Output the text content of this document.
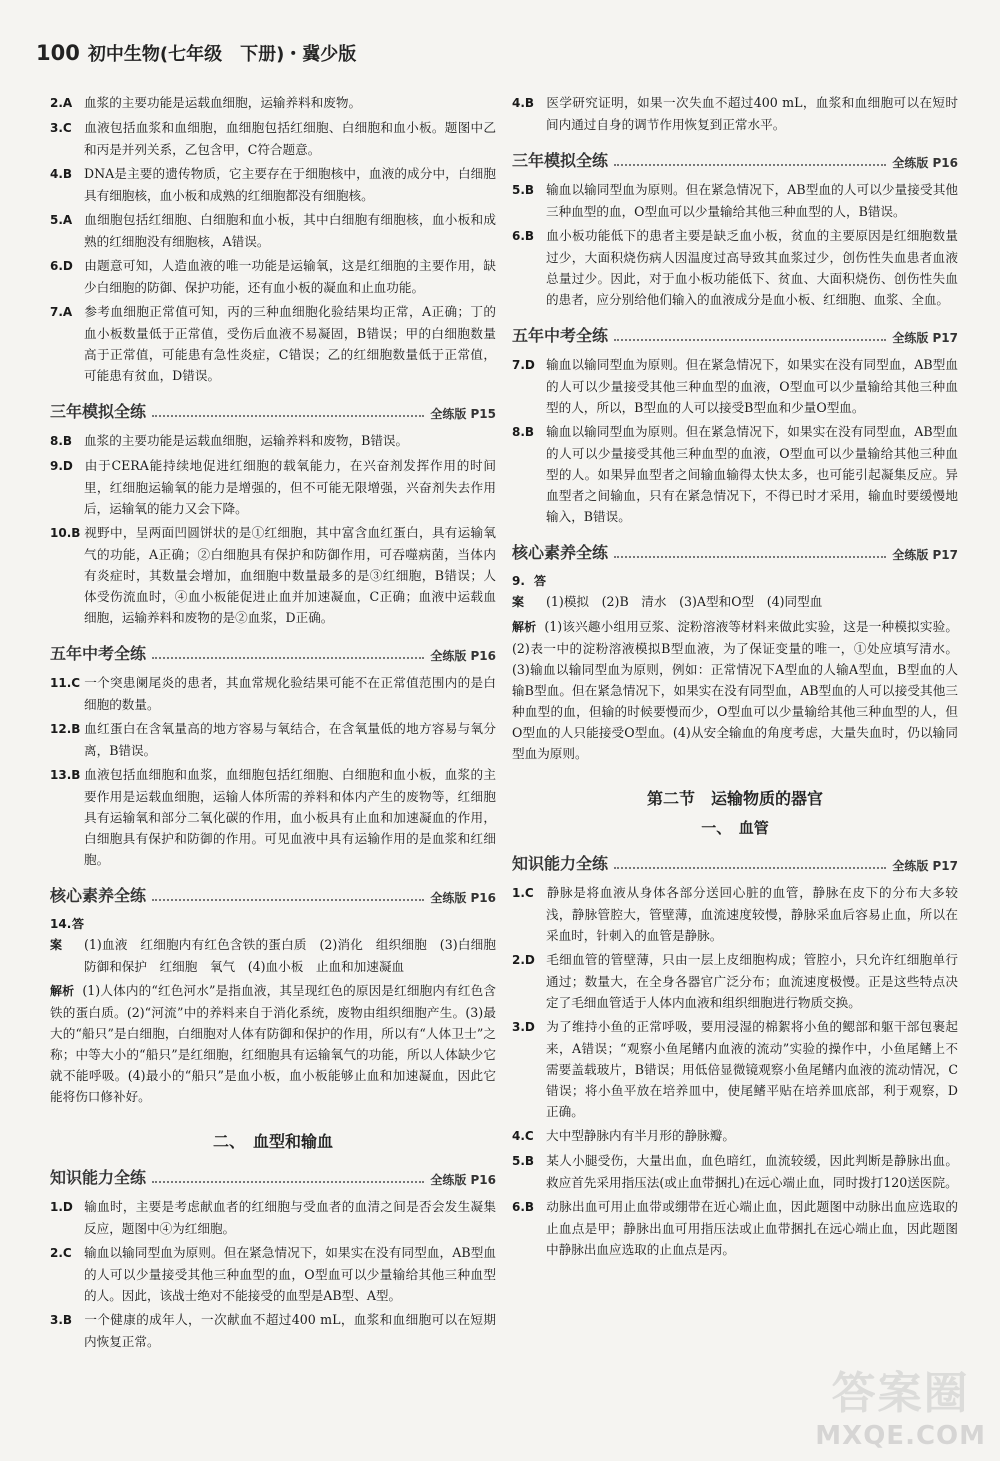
100 初中生物(七年级　下册)・冀少版

2.A 血浆的主要功能是运载血细胞，运输养料和废物。

3.C 血液包括血浆和血细胞，血细胞包括红细胞、白细胞和血小板。题图中乙和丙是并列关系，乙包含甲，C符合题意。

4.B DNA是主要的遗传物质，它主要存在于细胞核中，血液的成分中，白细胞具有细胞核，血小板和成熟的红细胞都没有细胞核。

5.A 血细胞包括红细胞、白细胞和血小板，其中白细胞有细胞核，血小板和成熟的红细胞没有细胞核，A错误。

6.D 由题意可知，人造血液的唯一功能是运输氧，这是红细胞的主要作用，缺少白细胞的防御、保护功能，还有血小板的凝血和止血功能。

7.A 参考血细胞正常值可知，丙的三种血细胞化验结果均正常，A正确；丁的血小板数量低于正常值，受伤后血液不易凝固，B错误；甲的白细胞数量高于正常值，可能患有急性炎症，C错误；乙的红细胞数量低于正常值，可能患有贫血，D错误。

三年模拟全练	全练版 P15

8.B 血浆的主要功能是运载血细胞，运输养料和废物，B错误。

9.D 由于CERA能持续地促进红细胞的载氧能力，在兴奋剂发挥作用的时间里，红细胞运输氧的能力是增强的，但不可能无限增强，兴奋剂失去作用后，运输氧的能力又会下降。

10.B 视野中，呈两面凹圆饼状的是①红细胞，其中富含血红蛋白，具有运输氧气的功能，A正确；②白细胞具有保护和防御作用，可吞噬病菌，当体内有炎症时，其数量会增加，血细胞中数量最多的是③红细胞，B错误；人体受伤流血时，④血小板能促进止血并加速凝血，C正确；血液中运载血细胞，运输养料和废物的是②血浆，D正确。

五年中考全练	全练版 P16

11.C 一个突患阑尾炎的患者，其血常规化验结果可能不在正常值范围内的是白细胞的数量。

12.B 血红蛋白在含氧量高的地方容易与氧结合，在含氧量低的地方容易与氧分离，B错误。

13.B 血液包括血细胞和血浆，血细胞包括红细胞、白细胞和血小板，血浆的主要作用是运载血细胞，运输人体所需的养料和体内产生的废物等，红细胞具有运输氧和部分二氧化碳的作用，血小板具有止血和加速凝血的作用，白细胞具有保护和防御的作用。可见血液中具有运输作用的是血浆和红细胞。

核心素养全练	全练版 P16

14.答案 (1)血液　红细胞内有红色含铁的蛋白质　(2)消化　组织细胞　(3)白细胞　防御和保护　红细胞　氧气　(4)血小板　止血和加速凝血

解析 (1)人体内的“红色河水”是指血液，其呈现红色的原因是红细胞内有红色含铁的蛋白质。(2)“河流”中的养料来自于消化系统，废物由组织细胞产生。(3)最大的“船只”是白细胞，白细胞对人体有防御和保护的作用，所以有“人体卫士”之称；中等大小的“船只”是红细胞，红细胞具有运输氧气的功能，所以人体缺少它就不能呼吸。(4)最小的“船只”是血小板，血小板能够止血和加速凝血，因此它能将伤口修补好。

二、　血型和输血
知识能力全练	全练版 P16

1.D 输血时，主要是考虑献血者的红细胞与受血者的血清之间是否会发生凝集反应，题图中④为红细胞。

2.C 输血以输同型血为原则。但在紧急情况下，如果实在没有同型血，AB型血的人可以少量接受其他三种血型的血，O型血可以少量输给其他三种血型的人。因此，该战士绝对不能接受的血型是AB型、A型。

3.B 一个健康的成年人，一次献血不超过400 mL，血浆和血细胞可以在短期内恢复正常。

4.B 医学研究证明，如果一次失血不超过400 mL，血浆和血细胞可以在短时间内通过自身的调节作用恢复到正常水平。

三年模拟全练	全练版 P16

5.B 输血以输同型血为原则。但在紧急情况下，AB型血的人可以少量接受其他三种血型的血，O型血可以少量输给其他三种血型的人，B错误。

6.B 血小板功能低下的患者主要是缺乏血小板，贫血的主要原因是红细胞数量过少，大面积烧伤病人因温度过高导致其血浆过少，创伤性失血患者血液总量过少。因此，对于血小板功能低下、贫血、大面积烧伤、创伤性失血的患者，应分别给他们输入的血液成分是血小板、红细胞、血浆、全血。

五年中考全练	全练版 P17

7.D 输血以输同型血为原则。但在紧急情况下，如果实在没有同型血，AB型血的人可以少量接受其他三种血型的血液，O型血可以少量输给其他三种血型的人，所以，B型血的人可以接受B型血和少量O型血。

8.B 输血以输同型血为原则。但在紧急情况下，如果实在没有同型血，AB型血的人可以少量接受其他三种血型的血液，O型血可以少量输给其他三种血型的人。如果异血型者之间输血输得太快太多，也可能引起凝集反应。异血型者之间输血，只有在紧急情况下，不得已时才采用，输血时要缓慢地输入，B错误。

核心素养全练	全练版 P17

9.答案 (1)模拟　(2)B　清水　(3)A型和O型　(4)同型血

解析 (1)该兴趣小组用豆浆、淀粉溶液等材料来做此实验，这是一种模拟实验。(2)表一中的淀粉溶液模拟B型血液，为了保证变量的唯一，①处应填写清水。(3)输血以输同型血为原则，例如：正常情况下A型血的人输A型血，B型血的人输B型血。但在紧急情况下，如果实在没有同型血，AB型血的人可以接受其他三种血型的血，但输的时候要慢而少，O型血可以少量输给其他三种血型的人，但O型血的人只能接受O型血。(4)从安全输血的角度考虑，大量失血时，仍以输同型血为原则。

第二节　运输物质的器官
一、　血管
知识能力全练	全练版 P17

1.C 静脉是将血液从身体各部分送回心脏的血管，静脉在皮下的分布大多较浅，静脉管腔大，管壁薄，血流速度较慢，静脉采血后容易止血，所以在采血时，针刺入的血管是静脉。

2.D 毛细血管的管壁薄，只由一层上皮细胞构成；管腔小，只允许红细胞单行通过；数量大，在全身各器官广泛分布；血流速度极慢。正是这些特点决定了毛细血管适于人体内血液和组织细胞进行物质交换。

3.D 为了维持小鱼的正常呼吸，要用浸湿的棉絮将小鱼的鳃部和躯干部包裹起来，A错误；“观察小鱼尾鳍内血液的流动”实验的操作中，小鱼尾鳍上不需要盖载玻片，B错误；用低倍显微镜观察小鱼尾鳍内血液的流动情况，C错误；将小鱼平放在培养皿中，使尾鳍平贴在培养皿底部，利于观察，D正确。

4.C 大中型静脉内有半月形的静脉瓣。

5.B 某人小腿受伤，大量出血，血色暗红，血流较缓，因此判断是静脉出血。救应首先采用指压法(或止血带捆扎)在远心端止血，同时拨打120送医院。

6.B 动脉出血可用止血带或绷带在近心端止血，因此题图中动脉出血应选取的止血点是甲；静脉出血可用指压法或止血带捆扎在远心端止血，因此题图中静脉出血应选取的止血点是丙。

答案圈
MXQE.COM
